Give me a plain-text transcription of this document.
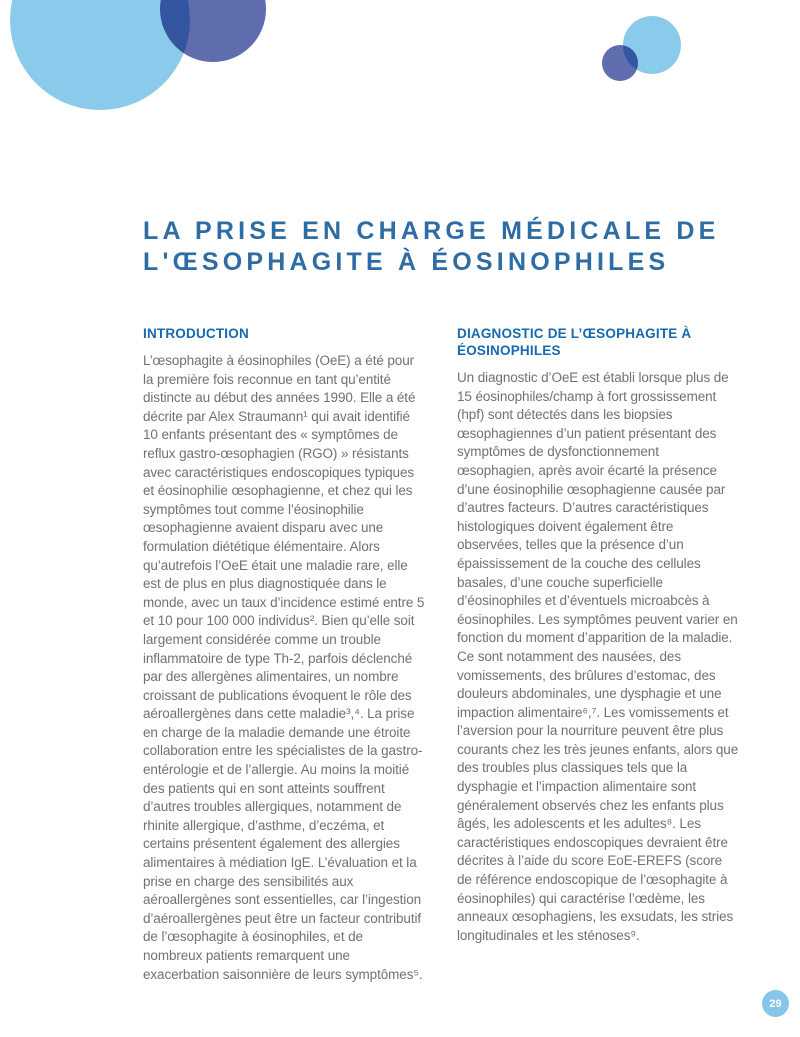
LA PRISE EN CHARGE MÉDICALE DE
L'ŒSOPHAGITE À ÉOSINOPHILES
INTRODUCTION

L’œsophagite à éosinophiles (OeE) a été pour la première fois reconnue en tant qu’entité distincte au début des années 1990. Elle a été décrite par Alex Straumann¹ qui avait identifié 10 enfants présentant des « symptômes de reflux gastro-œsophagien (RGO) » résistants avec caractéristiques endoscopiques typiques et éosinophilie œsophagienne, et chez qui les symptômes tout comme l’éosinophilie œsophagienne avaient disparu avec une formulation diététique élémentaire. Alors qu’autrefois l’OeE était une maladie rare, elle est de plus en plus diagnostiquée dans le monde, avec un taux d’incidence estimé entre 5 et 10 pour 100 000 individus². Bien qu’elle soit largement considérée comme un trouble inflammatoire de type Th-2, parfois déclenché par des allergènes alimentaires, un nombre croissant de publications évoquent le rôle des aéroallergènes dans cette maladie³,⁴. La prise en charge de la maladie demande une étroite collaboration entre les spécialistes de la gastro-entérologie et de l’allergie. Au moins la moitié des patients qui en sont atteints souffrent d’autres troubles allergiques, notamment de rhinite allergique, d’asthme, d’eczéma, et certains présentent également des allergies alimentaires à médiation IgE. L’évaluation et la prise en charge des sensibilités aux aéroallergènes sont essentielles, car l’ingestion d’aéroallergènes peut être un facteur contributif de l’œsophagite à éosinophiles, et de nombreux patients remarquent une exacerbation saisonnière de leurs symptômes⁵.

DIAGNOSTIC DE L’ŒSOPHAGITE À ÉOSINOPHILES

Un diagnostic d’OeE est établi lorsque plus de 15 éosinophiles/champ à fort grossissement (hpf) sont détectés dans les biopsies œsophagiennes d’un patient présentant des symptômes de dysfonctionnement œsophagien, après avoir écarté la présence d’une éosinophilie œsophagienne causée par d’autres facteurs. D’autres caractéristiques histologiques doivent également être observées, telles que la présence d’un épaississement de la couche des cellules basales, d’une couche superficielle d’éosinophiles et d’éventuels microabcès à éosinophiles. Les symptômes peuvent varier en fonction du moment d’apparition de la maladie. Ce sont notamment des nausées, des vomissements, des brûlures d’estomac, des douleurs abdominales, une dysphagie et une impaction alimentaire⁶,⁷. Les vomissements et l’aversion pour la nourriture peuvent être plus courants chez les très jeunes enfants, alors que des troubles plus classiques tels que la dysphagie et l’impaction alimentaire sont généralement observés chez les enfants plus âgés, les adolescents et les adultes⁸. Les caractéristiques endoscopiques devraient être décrites à l’aide du score EoE-EREFS (score de référence endoscopique de l’œsophagite à éosinophiles) qui caractérise l’œdème, les anneaux œsophagiens, les exsudats, les stries longitudinales et les sténoses⁹.

29
